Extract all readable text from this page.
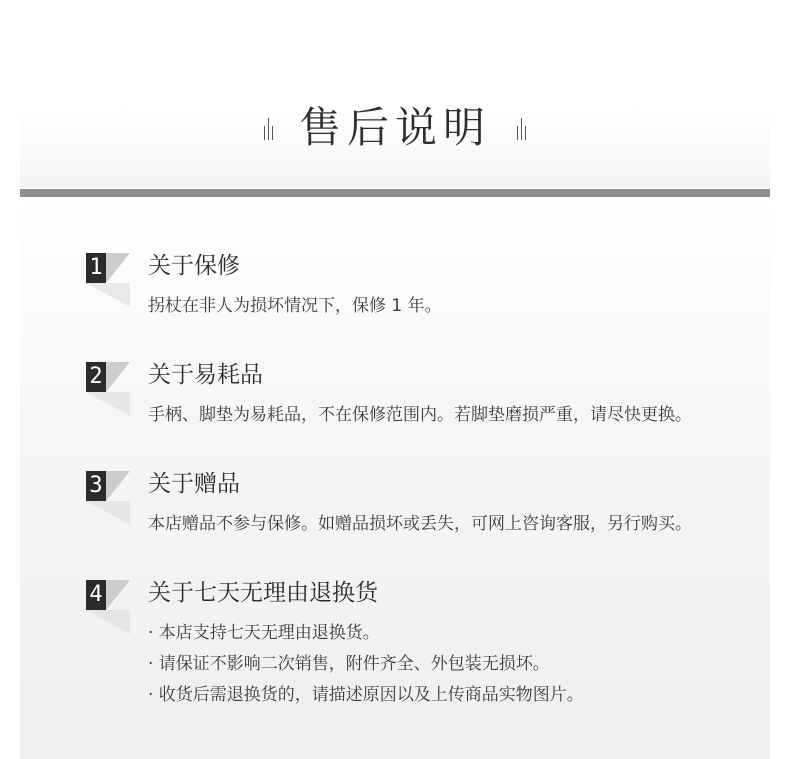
售后说明
1 关于保修
拐杖在非人为损坏情况下，保修 1 年。
2 关于易耗品
手柄、脚垫为易耗品，不在保修范围内。若脚垫磨损严重，请尽快更换。
3 关于赠品
本店赠品不参与保修。如赠品损坏或丢失，可网上咨询客服，另行购买。
4 关于七天无理由退换货
· 本店支持七天无理由退换货。
· 请保证不影响二次销售，附件齐全、外包装无损坏。
· 收货后需退换货的，请描述原因以及上传商品实物图片。
